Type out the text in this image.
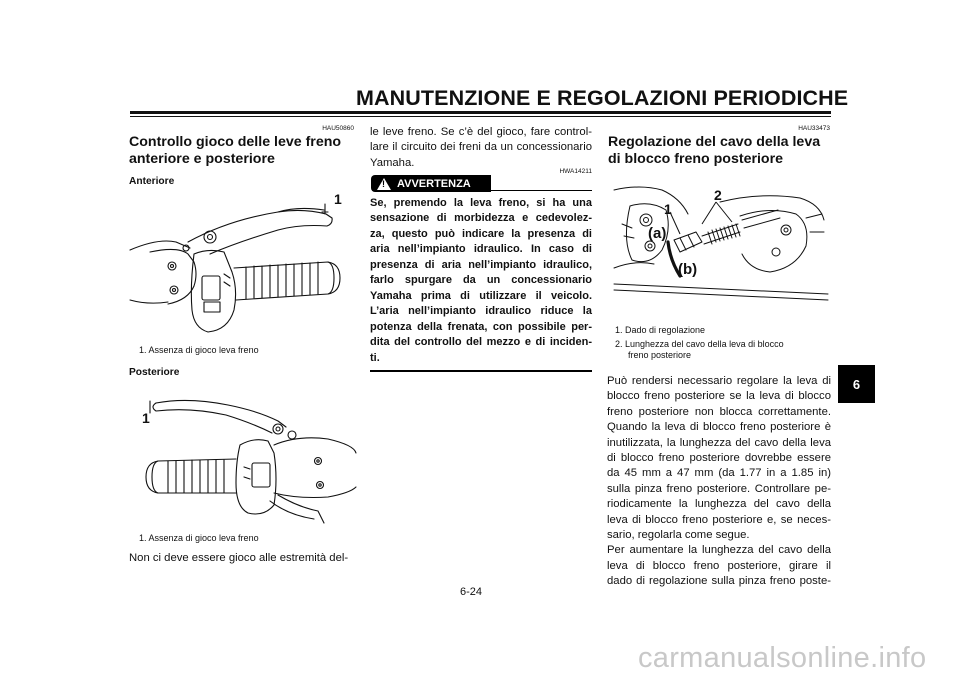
MANUTENZIONE E REGOLAZIONI PERIODICHE
6
HAU50860
Controllo gioco delle leve freno
anteriore e posteriore
Anteriore
1
1. Assenza di gioco leva freno
Posteriore
1
1. Assenza di gioco leva freno
Non ci deve essere gioco alle estremità del-
le leve freno. Se c’è del gioco, fare control-
lare il circuito dei freni da un concessionario
Yamaha.
HWA14211
! AVVERTENZA
Se, premendo la leva freno, si ha una
sensazione di morbidezza e cedevolez-
za, questo può indicare la presenza di
aria nell’impianto idraulico. In caso di
presenza di aria nell’impianto idraulico,
farlo spurgare da un concessionario
Yamaha prima di utilizzare il veicolo.
L’aria nell’impianto idraulico riduce la
potenza della frenata, con possibile per-
dita del controllo del mezzo e di inciden-
ti.
HAU33473
Regolazione del cavo della leva
di blocco freno posteriore
2
1
(a)
(b)
1. Dado di regolazione
2. Lunghezza del cavo della leva di blocco
freno posteriore
Può rendersi necessario regolare la leva di
blocco freno posteriore se la leva di blocco
freno posteriore non blocca correttamente.
Quando la leva di blocco freno posteriore è
inutilizzata, la lunghezza del cavo della leva
di blocco freno posteriore dovrebbe essere
da 45 mm a 47 mm (da 1.77 in a 1.85 in)
sulla pinza freno posteriore. Controllare pe-
riodicamente la lunghezza del cavo della
leva di blocco freno posteriore e, se neces-
sario, regolarla come segue.
Per aumentare la lunghezza del cavo della
leva di blocco freno posteriore, girare il
dado di regolazione sulla pinza freno poste-
6-24
carmanualsonline.info
